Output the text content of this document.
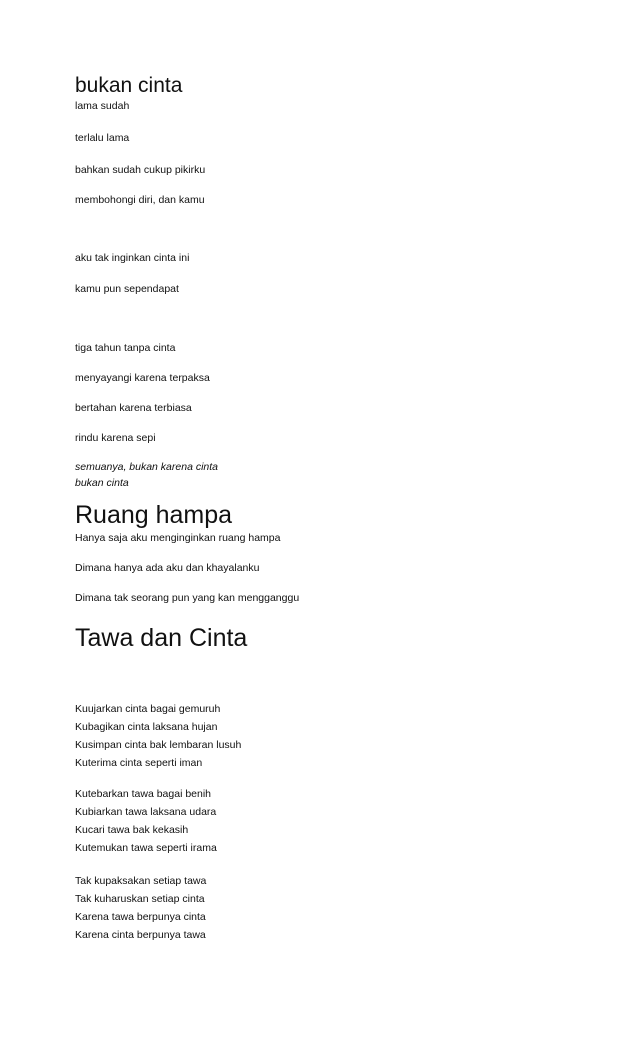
bukan cinta

lama sudah

terlalu lama

bahkan sudah cukup pikirku

membohongi diri, dan kamu

aku tak inginkan cinta ini

kamu pun sependapat

tiga tahun tanpa cinta

menyayangi karena terpaksa

bertahan karena terbiasa

rindu karena sepi

semuanya, bukan karena cinta

bukan cinta

Ruang hampa

Hanya saja aku menginginkan ruang hampa

Dimana hanya ada aku dan khayalanku

Dimana tak seorang pun yang kan mengganggu

Tawa dan Cinta

Kuujarkan cinta bagai gemuruh

Kubagikan cinta laksana hujan

Kusimpan cinta bak lembaran lusuh

Kuterima cinta seperti iman

Kutebarkan tawa bagai benih

Kubiarkan tawa laksana udara

Kucari tawa bak kekasih

Kutemukan tawa seperti irama

Tak kupaksakan setiap tawa

Tak kuharuskan setiap cinta

Karena tawa berpunya cinta

Karena cinta berpunya tawa
